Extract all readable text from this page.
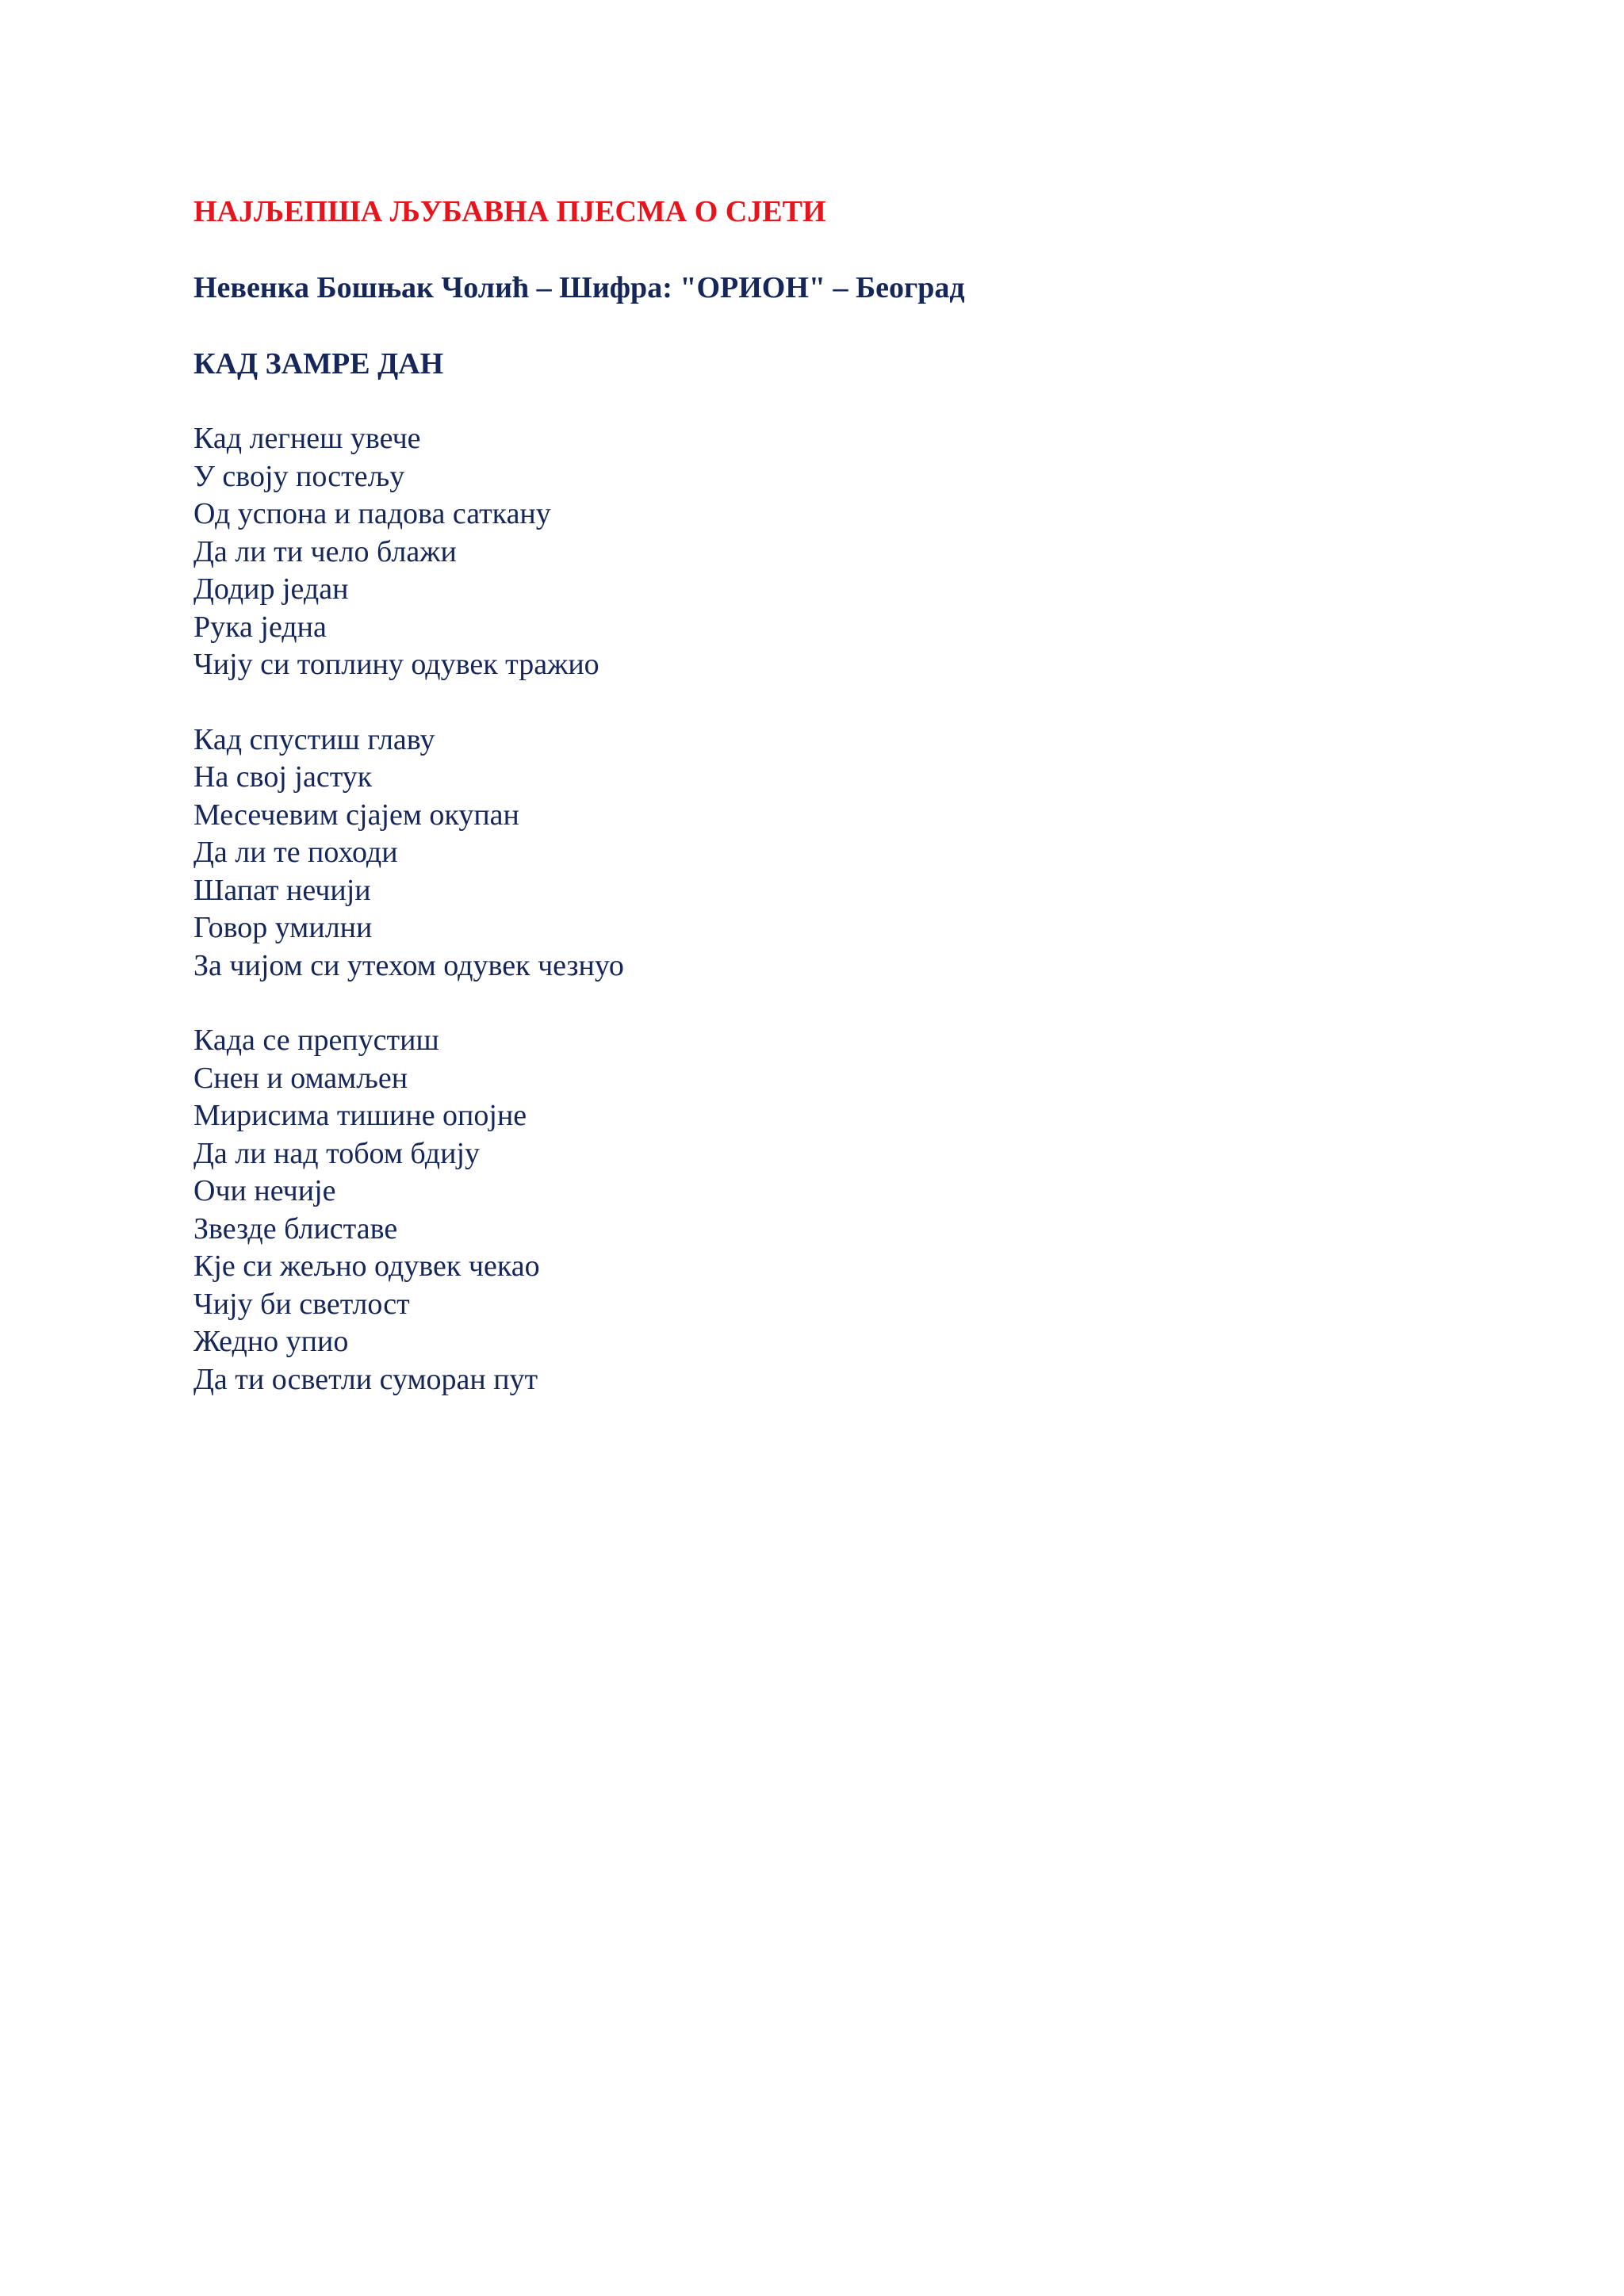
НАЈЉЕПША ЉУБАВНА ПЈЕСМА О СЈЕТИ
Невенка Бошњак Чолић – Шифра: "ОРИОН" – Београд
КАД ЗАМРЕ ДАН
Кад легнеш увече
У своју постељу
Од успона и падова саткану
Да ли ти чело блажи
Додир један
Рука једна
Чију си топлину одувек тражио
Кад спустиш главу
На свој јастук
Месечевим сјајем окупан
Да ли те походи
Шапат нечији
Говор умилни
За чијом си утехом одувек чезнуо
Када се препустиш
Снен и омамљен
Мирисима тишине опојне
Да ли над тобом бдију
Очи нечије
Звезде блиставе
Кје си жељно одувек чекао
Чију би светлост
Жедно упио
Да ти осветли суморан пут
